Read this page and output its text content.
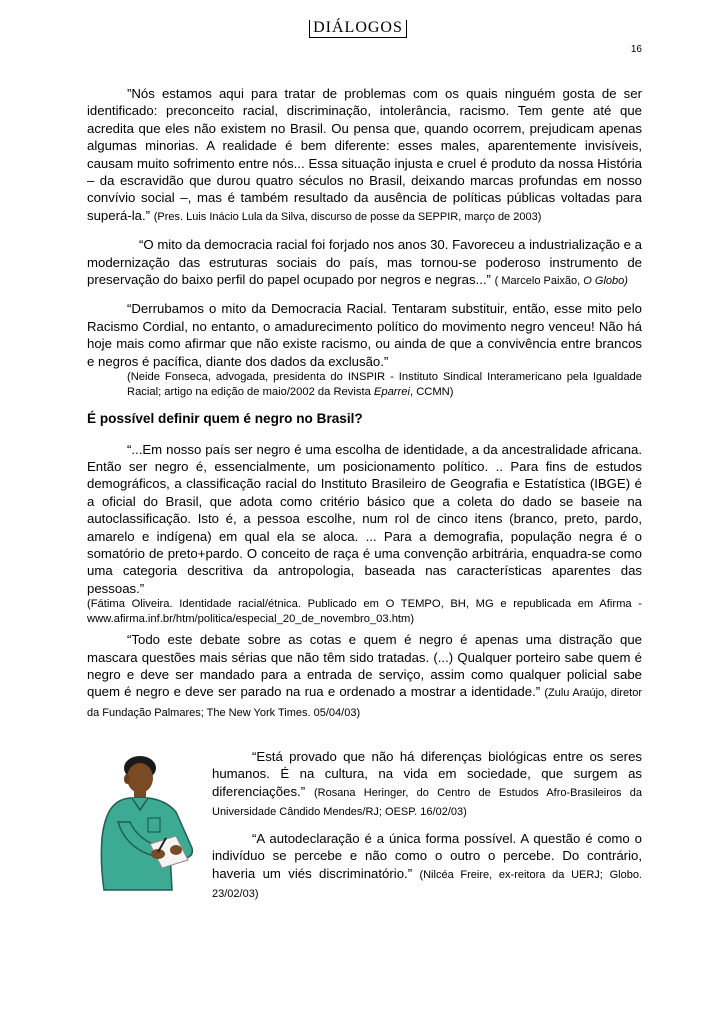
DIÁLOGOS
16

”Nós estamos aqui para tratar de problemas com os quais ninguém gosta de ser identificado: preconceito racial, discriminação, intolerância, racismo. Tem gente até que acredita que eles não existem no Brasil. Ou pensa que, quando ocorrem, prejudicam apenas algumas minorias. A realidade é bem diferente: esses males, aparentemente invisíveis, causam muito sofrimento entre nós... Essa situação injusta e cruel é produto da nossa História – da escravidão que durou quatro séculos no Brasil, deixando marcas profundas em nosso convívio social –, mas é também resultado da ausência de políticas públicas voltadas para superá-la.” (Pres. Luis Inácio Lula da Silva, discurso de posse da SEPPIR, março de 2003)

“O mito da democracia racial foi forjado nos anos 30. Favoreceu a industrialização e a modernização das estruturas sociais do país, mas tornou-se poderoso instrumento de preservação do baixo perfil do papel ocupado por negros e negras...” ( Marcelo Paixão, O Globo)

“Derrubamos o mito da Democracia Racial. Tentaram substituir, então, esse mito pelo Racismo Cordial, no entanto, o amadurecimento político do movimento negro venceu! Não há hoje mais como afirmar que não existe racismo, ou ainda de que a convivência entre brancos e negros é pacífica, diante dos dados da exclusão.”

(Neide Fonseca, advogada, presidenta do INSPIR - Instituto Sindical Interamericano pela Igualdade Racial; artigo na edição de maio/2002 da Revista Eparrei, CCMN)

É possível definir quem é negro no Brasil?

“...Em nosso país ser negro é uma escolha de identidade, a da ancestralidade africana. Então ser negro é, essencialmente, um posicionamento político. .. Para fins de estudos demográficos, a classificação racial do Instituto Brasileiro de Geografia e Estatística (IBGE) é a oficial do Brasil, que adota como critério básico que a coleta do dado se baseie na autoclassificação. Isto é, a pessoa escolhe, num rol de cinco itens (branco, preto, pardo, amarelo e indígena) em qual ela se aloca. ... Para a demografia, população negra é o somatório de preto+pardo. O conceito de raça é uma convenção arbitrária, enquadra-se como uma categoria descritiva da antropologia, baseada nas características aparentes das pessoas.”

(Fátima Oliveira. Identidade racial/étnica. Publicado em O TEMPO, BH, MG e republicada em Afirma - www.afirma.inf.br/htm/politica/especial_20_de_novembro_03.htm)

“Todo este debate sobre as cotas e quem é negro é apenas uma distração que mascara questões mais sérias que não têm sido tratadas. (...) Qualquer porteiro sabe quem é negro e deve ser mandado para a entrada de serviço, assim como qualquer policial sabe quem é negro e deve ser parado na rua e ordenado a mostrar a identidade.” (Zulu Araújo, diretor da Fundação Palmares; The New York Times. 05/04/03)

“Está provado que não há diferenças biológicas entre os seres humanos. É na cultura, na vida em sociedade, que surgem as diferenciações.” (Rosana Heringer, do Centro de Estudos Afro-Brasileiros da Universidade Cândido Mendes/RJ; OESP. 16/02/03)

“A autodeclaração é a única forma possível. A questão é como o indivíduo se percebe e não como o outro o percebe. Do contrário, haveria um viés discriminatório.” (Nilcéa Freire, ex-reitora da UERJ; Globo. 23/02/03)
